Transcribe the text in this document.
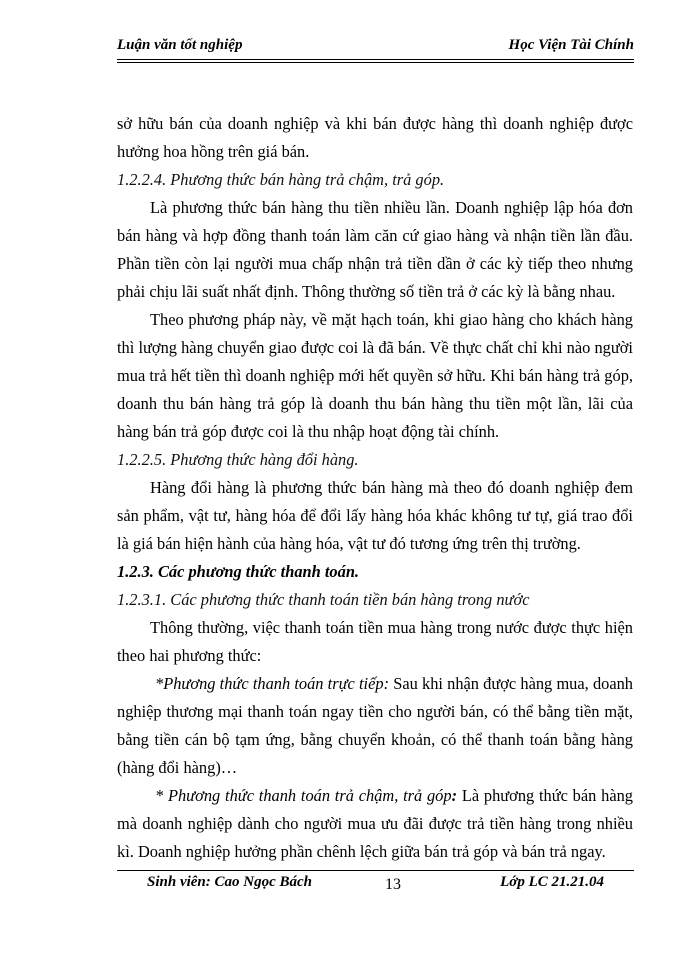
Luận văn tốt nghiệp	Học Viện Tài Chính

sở hữu bán của doanh nghiệp và khi bán được hàng thì doanh nghiệp được hưởng hoa hồng trên giá bán.

1.2.2.4. Phương thức bán hàng trả chậm, trả góp.

Là phương thức bán hàng thu tiền nhiều lần. Doanh nghiệp lập hóa đơn bán hàng và hợp đồng thanh toán làm căn cứ giao hàng và nhận tiền lần đầu. Phần tiền còn lại người mua chấp nhận trả tiền dần ở các kỳ tiếp theo nhưng phải chịu lãi suất nhất định. Thông thường số tiền trả ở các kỳ là bằng nhau.

Theo phương pháp này, về mặt hạch toán, khi giao hàng cho khách hàng thì lượng hàng chuyển giao được coi là đã bán. Về thực chất chỉ khi nào người mua trả hết tiền thì doanh nghiệp mới hết quyền sở hữu. Khi bán hàng trả góp, doanh thu bán hàng trả góp là doanh thu bán hàng thu tiền một lần, lãi của hàng bán trả góp được coi là thu nhập hoạt động tài chính.

1.2.2.5. Phương thức hàng đổi hàng.

Hàng đổi hàng là phương thức bán hàng mà theo đó doanh nghiệp đem sản phẩm, vật tư, hàng hóa để đổi lấy hàng hóa khác không tư tự, giá trao đổi là giá bán hiện hành của hàng hóa, vật tư đó tương ứng trên thị trường.

1.2.3. Các phương thức thanh toán.

1.2.3.1. Các phương thức thanh toán tiền bán hàng trong nước

Thông thường, việc thanh toán tiền mua hàng trong nước được thực hiện theo hai phương thức:

*Phương thức thanh toán trực tiếp: Sau khi nhận được hàng mua, doanh nghiệp thương mại thanh toán ngay tiền cho người bán, có thể bằng tiền mặt, bằng tiền cán bộ tạm ứng, bằng chuyển khoản, có thể thanh toán bằng hàng (hàng đổi hàng)…

* Phương thức thanh toán trả chậm, trả góp: Là phương thức bán hàng mà doanh nghiệp dành cho người mua ưu đãi được trả tiền hàng trong nhiều kì. Doanh nghiệp hưởng phần chênh lệch giữa bán trả góp và bán trả ngay.

Sinh viên: Cao Ngọc Bách	13	Lớp LC 21.21.04
